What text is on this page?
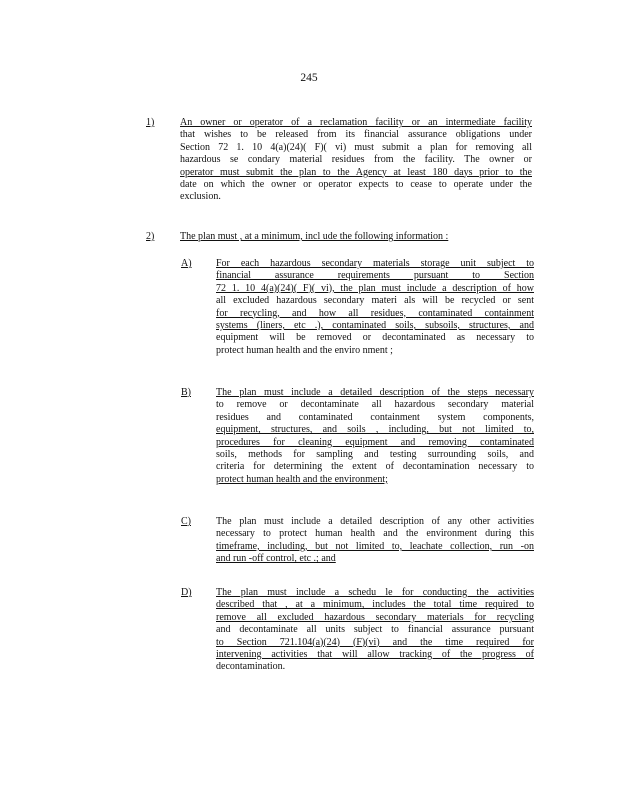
245
1)	An owner or operator of a reclamation facility or an intermediate facility
that wishes to be released from its financial assurance obligations under
Section 72 1. 10 4(a)(24)( F)( vi) must submit a plan for removing all
hazardous se condary material residues from the facility. The owner or
operator must submit the plan to the Agency at least 180 days prior to the
date on which the owner or operator expects to cease to operate under the
exclusion.
2)	The plan must , at a minimum, incl ude the following information :
A) For each hazardous secondary materials storage unit subject to
financial assurance requirements pursuant to Section
72 1. 10 4(a)(24)( F)( vi), the plan must include a description of how
all excluded hazardous secondary materi als will be recycled or sent
for recycling, and how all residues, contaminated containment
systems (liners, etc .), contaminated soils, subsoils, structures, and
equipment will be removed or decontaminated as necessary to
protect human health and the enviro nment ;
B)	The plan must include a detailed description of the steps necessary
to remove or decontaminate all hazardous secondary material
residues and contaminated containment system components,
equipment, structures, and soils , including, but not limited to,
procedures for cleaning equipment and removing contaminated
soils, methods for sampling and testing surrounding soils, and
criteria for determining the extent of decontamination necessary to
protect human health and the environment;
C)	The plan must include a detailed description of any other activities
necessary to protect human health and the environment during this
timeframe, including, but not limited to, leachate collection, run -on
and run -off control, etc .; and
D) The plan must include a schedu le for conducting the activities
described that , at a minimum, includes the total time required to
remove all excluded hazardous secondary materials for recycling
and decontaminate all units subject to financial assurance pursuant
to Section 721.104(a)(24) (F)(vi) and the time required for
intervening activities that will allow tracking of the progress of
decontamination.
